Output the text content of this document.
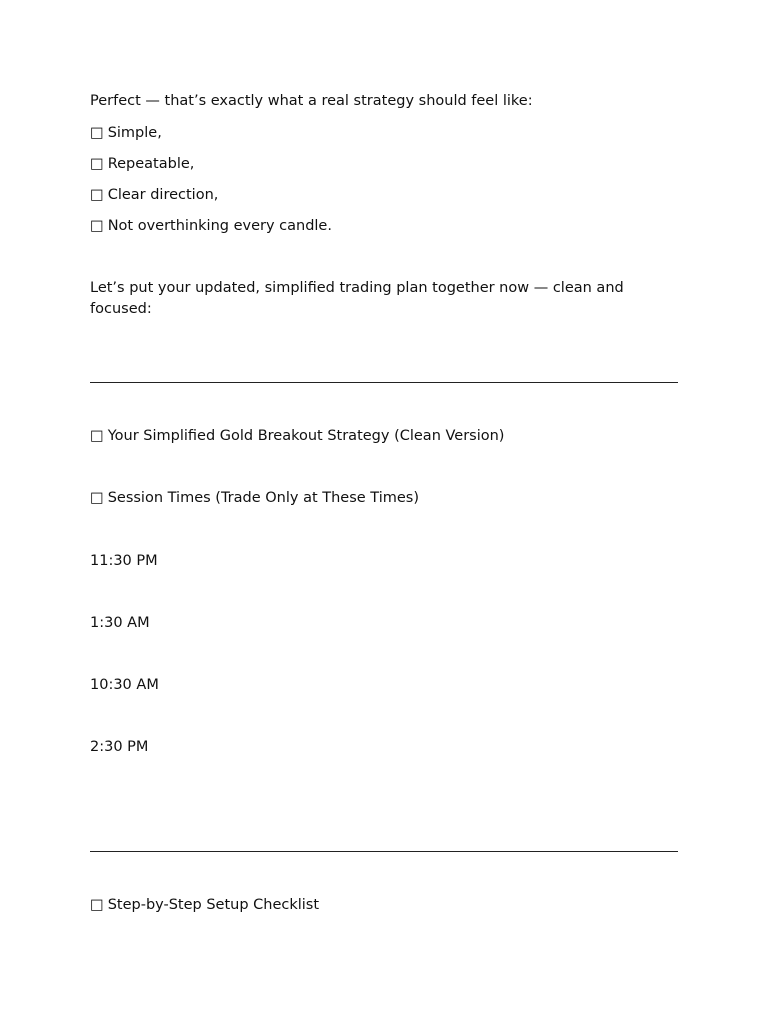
Perfect — that’s exactly what a real strategy should feel like:

□ Simple,

□ Repeatable,

□ Clear direction,

□ Not overthinking every candle.

Let’s put your updated, simplified trading plan together now — clean and focused:

□ Your Simplified Gold Breakout Strategy (Clean Version)

□ Session Times (Trade Only at These Times)

11:30 PM

1:30 AM

10:30 AM

2:30 PM

□ Step-by-Step Setup Checklist
